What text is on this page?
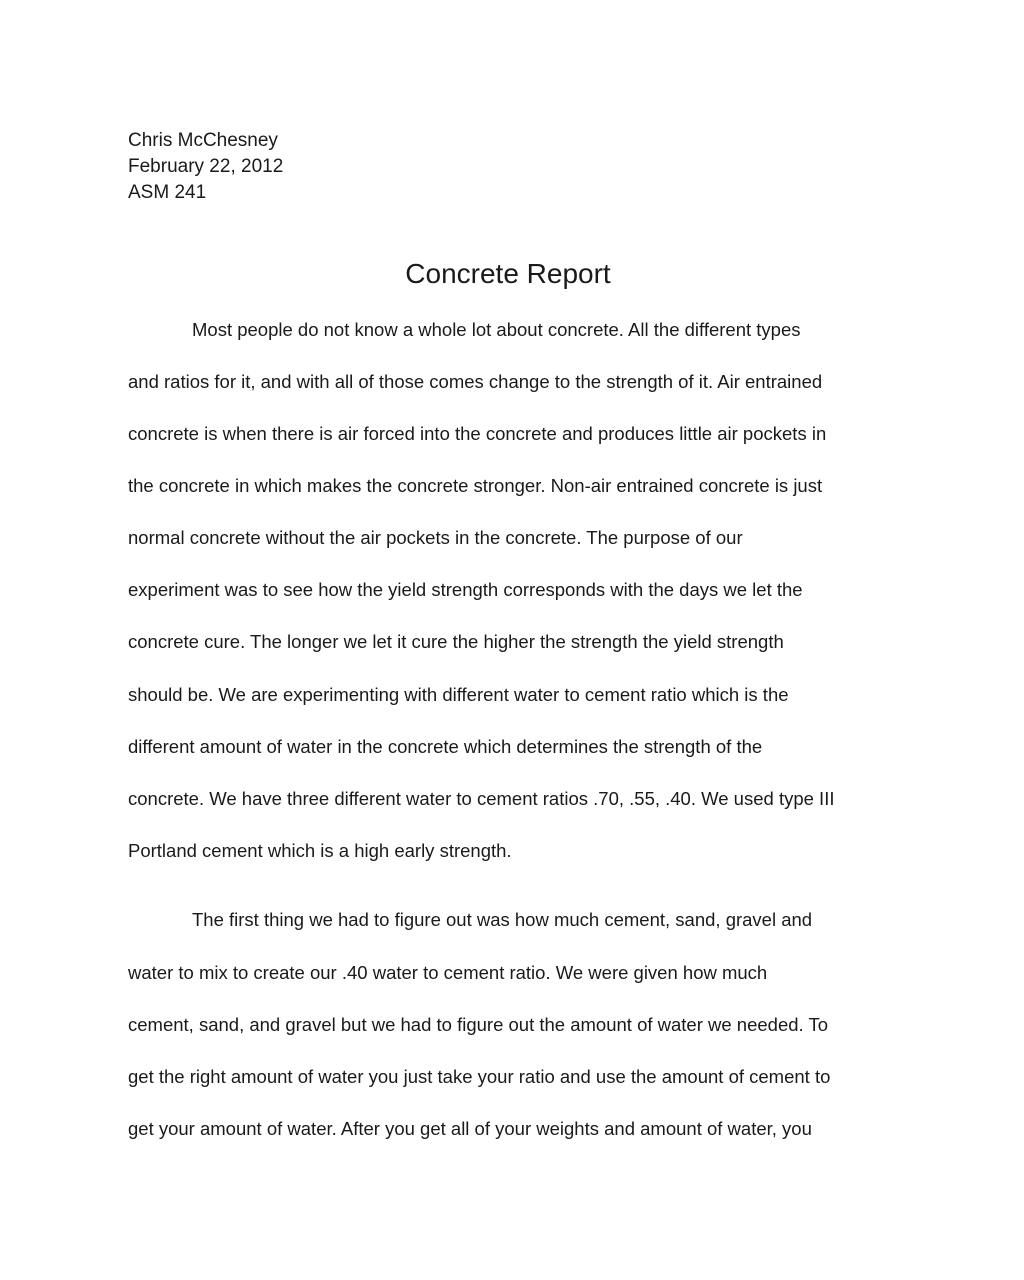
Chris McChesney
February 22, 2012
ASM 241
Concrete Report
Most people do not know a whole lot about concrete. All the different types
and ratios for it, and with all of those comes change to the strength of it. Air entrained
concrete is when there is air forced into the concrete and produces little air pockets in
the concrete in which makes the concrete stronger. Non-air entrained concrete is just
normal concrete without the air pockets in the concrete. The purpose of our
experiment was to see how the yield strength corresponds with the days we let the
concrete cure. The longer we let it cure the higher the strength the yield strength
should be. We are experimenting with different water to cement ratio which is the
different amount of water in the concrete which determines the strength of the
concrete. We have three different water to cement ratios .70, .55, .40. We used type III
Portland cement which is a high early strength.
The first thing we had to figure out was how much cement, sand, gravel and
water to mix to create our .40 water to cement ratio. We were given how much
cement, sand, and gravel but we had to figure out the amount of water we needed. To
get the right amount of water you just take your ratio and use the amount of cement to
get your amount of water. After you get all of your weights and amount of water, you
